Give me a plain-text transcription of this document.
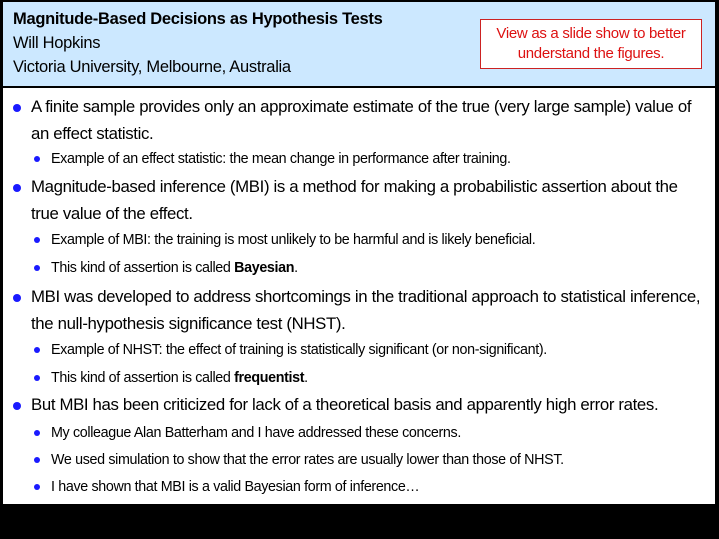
Magnitude-Based Decisions as Hypothesis Tests
Will Hopkins
Victoria University, Melbourne, Australia
View as a slide show to better understand the figures.
A finite sample provides only an approximate estimate of the true (very large sample) value of an effect statistic.
Example of an effect statistic: the mean change in performance after training.
Magnitude-based inference (MBI) is a method for making a probabilistic assertion about the true value of the effect.
Example of MBI: the training is most unlikely to be harmful and is likely beneficial.
This kind of assertion is called Bayesian.
MBI was developed to address shortcomings in the traditional approach to statistical inference, the null-hypothesis significance test (NHST).
Example of NHST: the effect of training is statistically significant (or non-significant).
This kind of assertion is called frequentist.
But MBI has been criticized for lack of a theoretical basis and apparently high error rates.
My colleague Alan Batterham and I have addressed these concerns.
We used simulation to show that the error rates are usually lower than those of NHST.
I have shown that MBI is a valid Bayesian form of inference…
